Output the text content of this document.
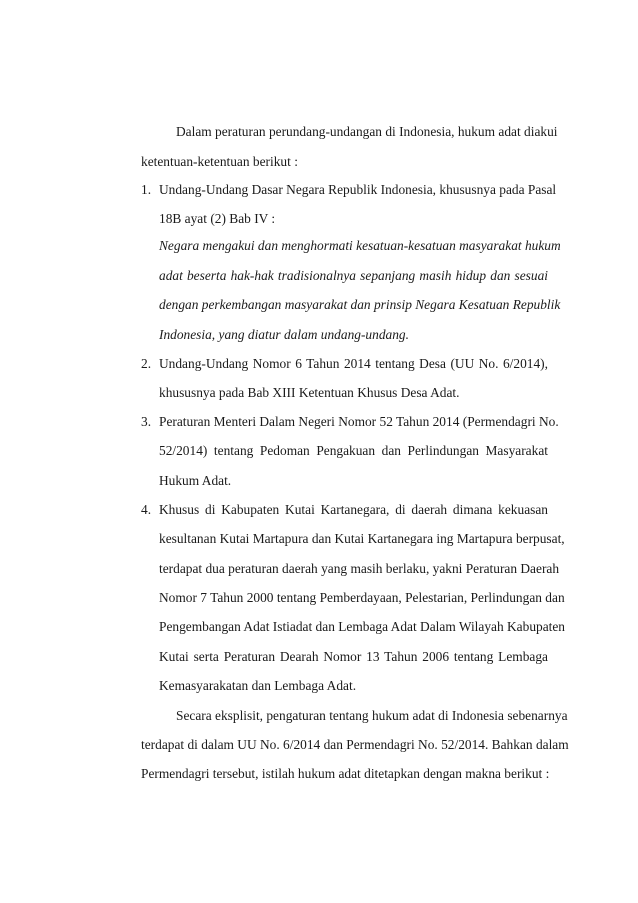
Dalam peraturan perundang-undangan di Indonesia, hukum adat diakui

ketentuan-ketentuan berikut :

1. Undang-Undang Dasar Negara Republik Indonesia, khususnya pada Pasal

18B ayat (2) Bab IV :

Negara mengakui dan menghormati kesatuan-kesatuan masyarakat hukum

adat beserta hak-hak tradisionalnya sepanjang masih hidup dan sesuai

dengan perkembangan masyarakat dan prinsip Negara Kesatuan Republik

Indonesia, yang diatur dalam undang-undang.

2. Undang-Undang Nomor 6 Tahun 2014 tentang Desa (UU No. 6/2014),

khususnya pada Bab XIII Ketentuan Khusus Desa Adat.

3. Peraturan Menteri Dalam Negeri Nomor 52 Tahun 2014 (Permendagri No.

52/2014) tentang Pedoman Pengakuan dan Perlindungan Masyarakat

Hukum Adat.

4. Khusus di Kabupaten Kutai Kartanegara, di daerah dimana kekuasan

kesultanan Kutai Martapura dan Kutai Kartanegara ing Martapura berpusat,

terdapat dua peraturan daerah yang masih berlaku, yakni Peraturan Daerah

Nomor 7 Tahun 2000 tentang Pemberdayaan, Pelestarian, Perlindungan dan

Pengembangan Adat Istiadat dan Lembaga Adat Dalam Wilayah Kabupaten

Kutai serta Peraturan Dearah Nomor 13 Tahun 2006 tentang Lembaga

Kemasyarakatan dan Lembaga Adat.

Secara eksplisit, pengaturan tentang hukum adat di Indonesia sebenarnya

terdapat di dalam UU No. 6/2014 dan Permendagri No. 52/2014. Bahkan dalam

Permendagri tersebut, istilah hukum adat ditetapkan dengan makna berikut :
